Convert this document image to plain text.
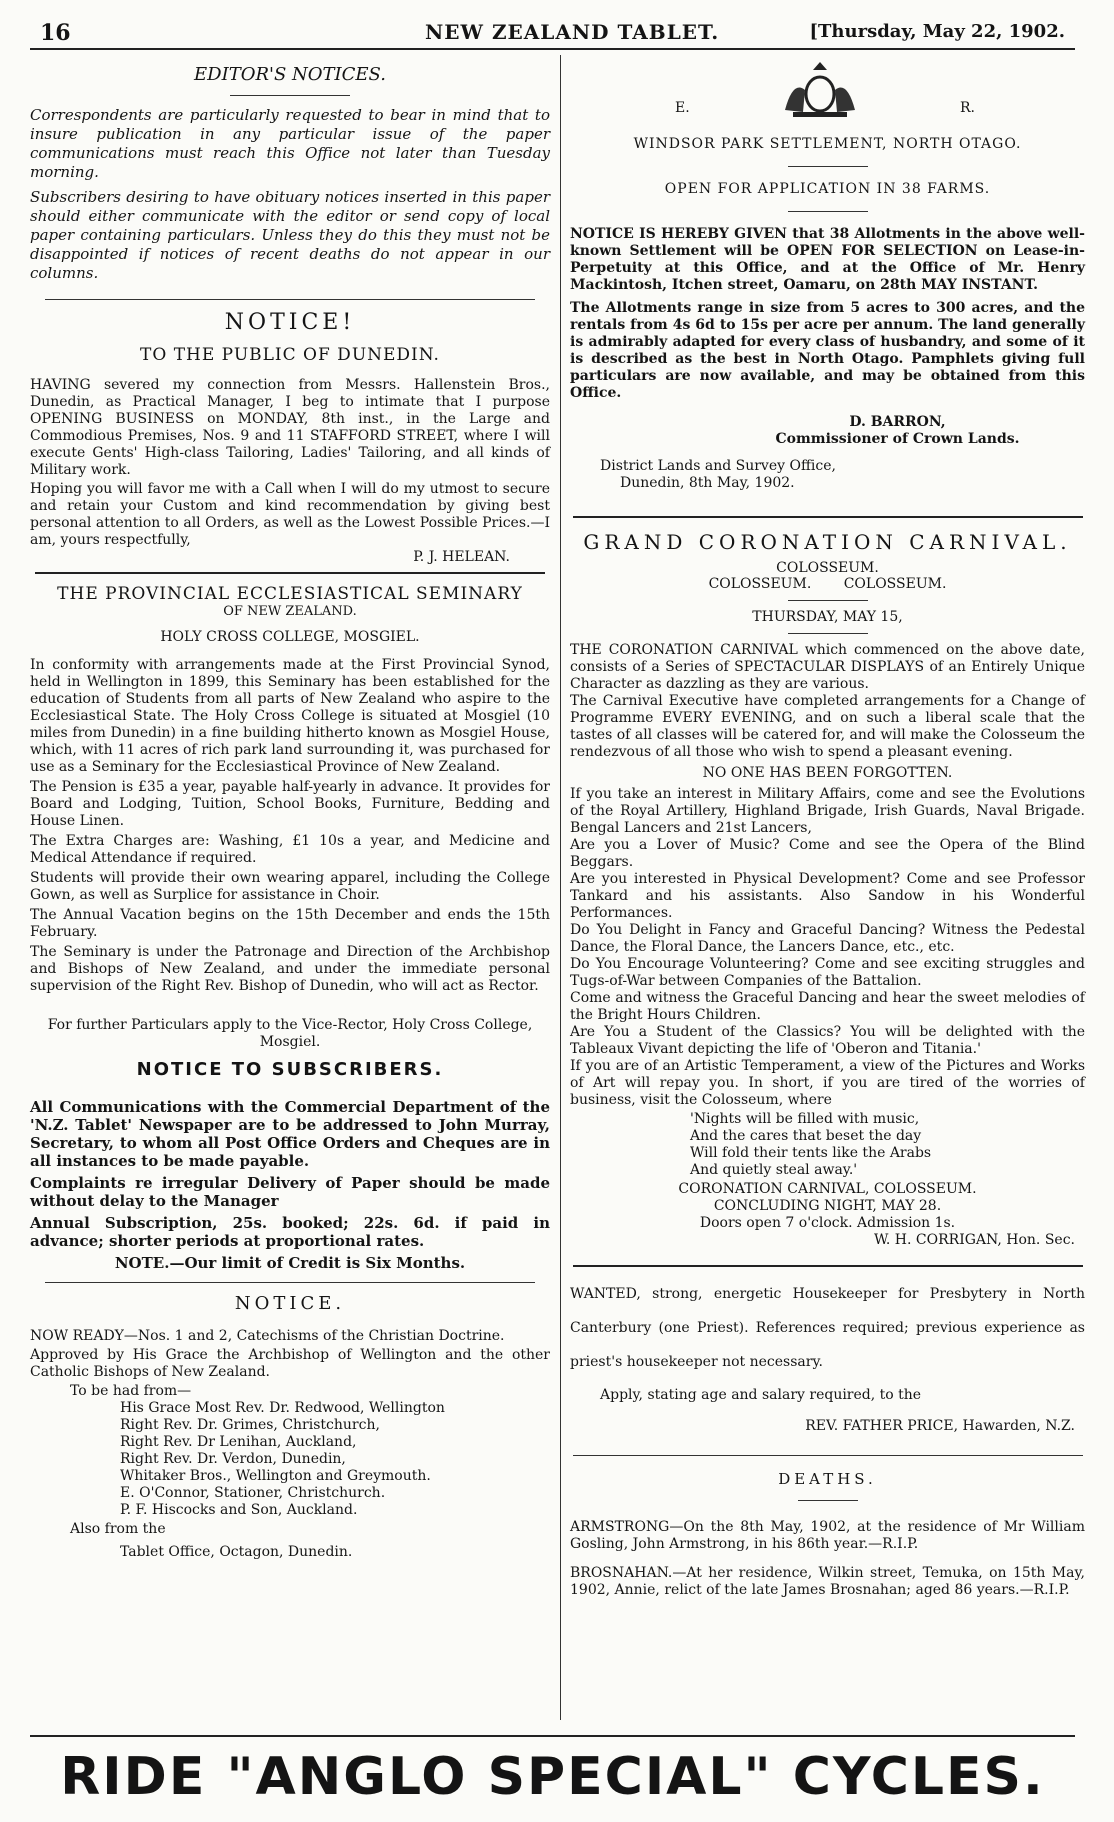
16	NEW ZEALAND TABLET.	[Thursday, May 22, 1902.

EDITOR'S NOTICES.

Correspondents are particularly requested to bear in mind that to insure publication in any particular issue of the paper communications must reach this Office not later than Tuesday morning.

Subscribers desiring to have obituary notices inserted in this paper should either communicate with the editor or send copy of local paper containing particulars. Unless they do this they must not be disappointed if notices of recent deaths do not appear in our columns.

NOTICE!

TO THE PUBLIC OF DUNEDIN.

HAVING severed my connection from Messrs. Hallenstein Bros., Dunedin, as Practical Manager, I beg to intimate that I purpose OPENING BUSINESS on MONDAY, 8th inst., in the Large and Commodious Premises, Nos. 9 and 11 STAFFORD STREET, where I will execute Gents' High-class Tailoring, Ladies' Tailoring, and all kinds of Military work.

Hoping you will favor me with a Call when I will do my utmost to secure and retain your Custom and kind recommendation by giving best personal attention to all Orders, as well as the Lowest Possible Prices.—I am, yours respectfully,

P. J. HELEAN.

THE PROVINCIAL ECCLESIASTICAL SEMINARY

OF NEW ZEALAND.

HOLY CROSS COLLEGE, MOSGIEL.

In conformity with arrangements made at the First Provincial Synod, held in Wellington in 1899, this Seminary has been established for the education of Students from all parts of New Zealand who aspire to the Ecclesiastical State. The Holy Cross College is situated at Mosgiel (10 miles from Dunedin) in a fine building hitherto known as Mosgiel House, which, with 11 acres of rich park land surrounding it, was purchased for use as a Seminary for the Ecclesiastical Province of New Zealand.

The Pension is £35 a year, payable half-yearly in advance. It provides for Board and Lodging, Tuition, School Books, Furniture, Bedding and House Linen.

The Extra Charges are: Washing, £1 10s a year, and Medicine and Medical Attendance if required.

Students will provide their own wearing apparel, including the College Gown, as well as Surplice for assistance in Choir.

The Annual Vacation begins on the 15th December and ends the 15th February.

The Seminary is under the Patronage and Direction of the Archbishop and Bishops of New Zealand, and under the immediate personal supervision of the Right Rev. Bishop of Dunedin, who will act as Rector.

For further Particulars apply to the Vice-Rector, Holy Cross College, Mosgiel.

NOTICE TO SUBSCRIBERS.

All Communications with the Commercial Department of the 'N.Z. Tablet' Newspaper are to be addressed to John Murray, Secretary, to whom all Post Office Orders and Cheques are in all instances to be made payable.

Complaints re irregular Delivery of Paper should be made without delay to the Manager

Annual Subscription, 25s. booked; 22s. 6d. if paid in advance; shorter periods at proportional rates.

NOTE.—Our limit of Credit is Six Months.

NOTICE.

NOW READY—Nos. 1 and 2, Catechisms of the Christian Doctrine.

Approved by His Grace the Archbishop of Wellington and the other Catholic Bishops of New Zealand.

To be had from—

His Grace Most Rev. Dr. Redwood, Wellington

Right Rev. Dr. Grimes, Christchurch,

Right Rev. Dr Lenihan, Auckland,

Right Rev. Dr. Verdon, Dunedin,

Whitaker Bros., Wellington and Greymouth.

E. O'Connor, Stationer, Christchurch.

P. F. Hiscocks and Son, Auckland.

Also from the

Tablet Office, Octagon, Dunedin.

E.	R.

WINDSOR PARK SETTLEMENT, NORTH OTAGO.

OPEN FOR APPLICATION IN 38 FARMS.

NOTICE IS HEREBY GIVEN that 38 Allotments in the above well-known Settlement will be OPEN FOR SELECTION on Lease-in-Perpetuity at this Office, and at the Office of Mr. Henry Mackintosh, Itchen street, Oamaru, on 28th MAY INSTANT.

The Allotments range in size from 5 acres to 300 acres, and the rentals from 4s 6d to 15s per acre per annum. The land generally is admirably adapted for every class of husbandry, and some of it is described as the best in North Otago. Pamphlets giving full particulars are now available, and may be obtained from this Office.

D. BARRON,

Commissioner of Crown Lands.

District Lands and Survey Office,

Dunedin, 8th May, 1902.

GRAND CORONATION CARNIVAL.

COLOSSEUM.

COLOSSEUM. COLOSSEUM.

THURSDAY, MAY 15,

THE CORONATION CARNIVAL which commenced on the above date, consists of a Series of SPECTACULAR DISPLAYS of an Entirely Unique Character as dazzling as they are various.

The Carnival Executive have completed arrangements for a Change of Programme EVERY EVENING, and on such a liberal scale that the tastes of all classes will be catered for, and will make the Colosseum the rendezvous of all those who wish to spend a pleasant evening.

NO ONE HAS BEEN FORGOTTEN.

If you take an interest in Military Affairs, come and see the Evolutions of the Royal Artillery, Highland Brigade, Irish Guards, Naval Brigade. Bengal Lancers and 21st Lancers,

Are you a Lover of Music? Come and see the Opera of the Blind Beggars.

Are you interested in Physical Development? Come and see Professor Tankard and his assistants. Also Sandow in his Wonderful Performances.

Do You Delight in Fancy and Graceful Dancing? Witness the Pedestal Dance, the Floral Dance, the Lancers Dance, etc., etc.

Do You Encourage Volunteering? Come and see exciting struggles and Tugs-of-War between Companies of the Battalion.

Come and witness the Graceful Dancing and hear the sweet melodies of the Bright Hours Children.

Are You a Student of the Classics? You will be delighted with the Tableaux Vivant depicting the life of 'Oberon and Titania.'

If you are of an Artistic Temperament, a view of the Pictures and Works of Art will repay you. In short, if you are tired of the worries of business, visit the Colosseum, where

'Nights will be filled with music,

And the cares that beset the day

Will fold their tents like the Arabs

And quietly steal away.'

CORONATION CARNIVAL, COLOSSEUM.

CONCLUDING NIGHT, MAY 28.

Doors open 7 o'clock. Admission 1s.

W. H. CORRIGAN, Hon. Sec.

WANTED, strong, energetic Housekeeper for Presbytery in North Canterbury (one Priest). References required; previous experience as priest's housekeeper not necessary.

Apply, stating age and salary required, to the

REV. FATHER PRICE, Hawarden, N.Z.

DEATHS.

ARMSTRONG—On the 8th May, 1902, at the residence of Mr William Gosling, John Armstrong, in his 86th year.—R.I.P.

BROSNAHAN.—At her residence, Wilkin street, Temuka, on 15th May, 1902, Annie, relict of the late James Brosnahan; aged 86 years.—R.I.P.

RIDE "ANGLO SPECIAL" CYCLES.
